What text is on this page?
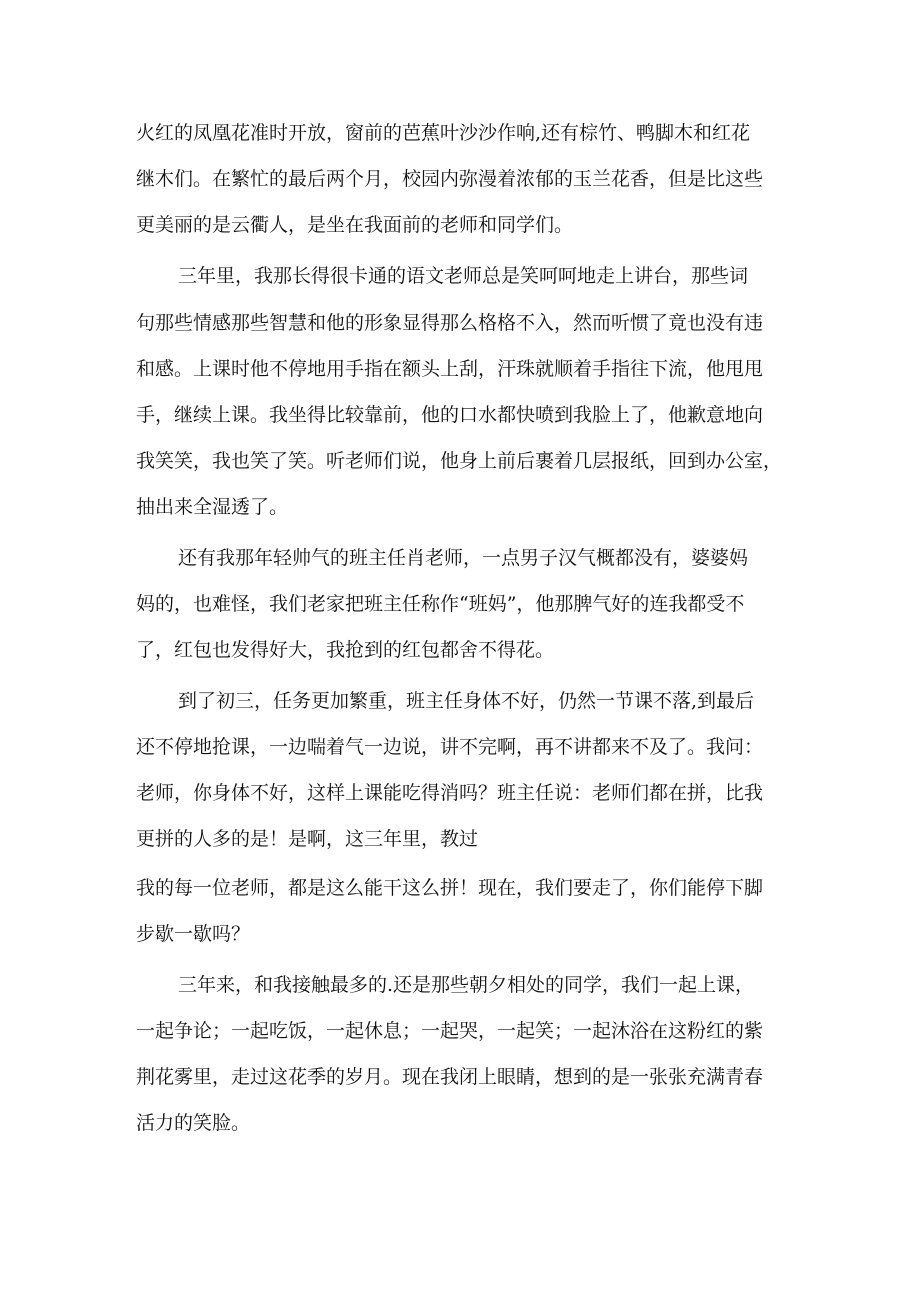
火红的凤凰花准时开放，窗前的芭蕉叶沙沙作响,还有棕竹、鸭脚木和红花
继木们。在繁忙的最后两个月，校园内弥漫着浓郁的玉兰花香，但是比这些
更美丽的是云衢人，是坐在我面前的老师和同学们。
三年里，我那长得很卡通的语文老师总是笑呵呵地走上讲台，那些词
句那些情感那些智慧和他的形象显得那么格格不入，然而听惯了竟也没有违
和感。上课时他不停地用手指在额头上刮，汗珠就顺着手指往下流，他甩甩
手，继续上课。我坐得比较靠前，他的口水都快喷到我脸上了，他歉意地向
我笑笑，我也笑了笑。听老师们说，他身上前后裹着几层报纸，回到办公室，
抽出来全湿透了。
还有我那年轻帅气的班主任肖老师，一点男子汉气概都没有，婆婆妈
妈的，也难怪，我们老家把班主任称作“班妈”，他那脾气好的连我都受不
了，红包也发得好大，我抢到的红包都舍不得花。
到了初三，任务更加繁重，班主任身体不好，仍然一节课不落,到最后
还不停地抢课，一边喘着气一边说，讲不完啊，再不讲都来不及了。我问：
老师，你身体不好，这样上课能吃得消吗？班主任说：老师们都在拼，比我
更拼的人多的是！是啊，这三年里，教过
我的每一位老师，都是这么能干这么拼！现在，我们要走了，你们能停下脚
步歇一歇吗？
三年来，和我接触最多的.还是那些朝夕相处的同学，我们一起上课，
一起争论；一起吃饭，一起休息；一起哭，一起笑；一起沐浴在这粉红的紫
荆花雾里，走过这花季的岁月。现在我闭上眼睛，想到的是一张张充满青春
活力的笑脸。
